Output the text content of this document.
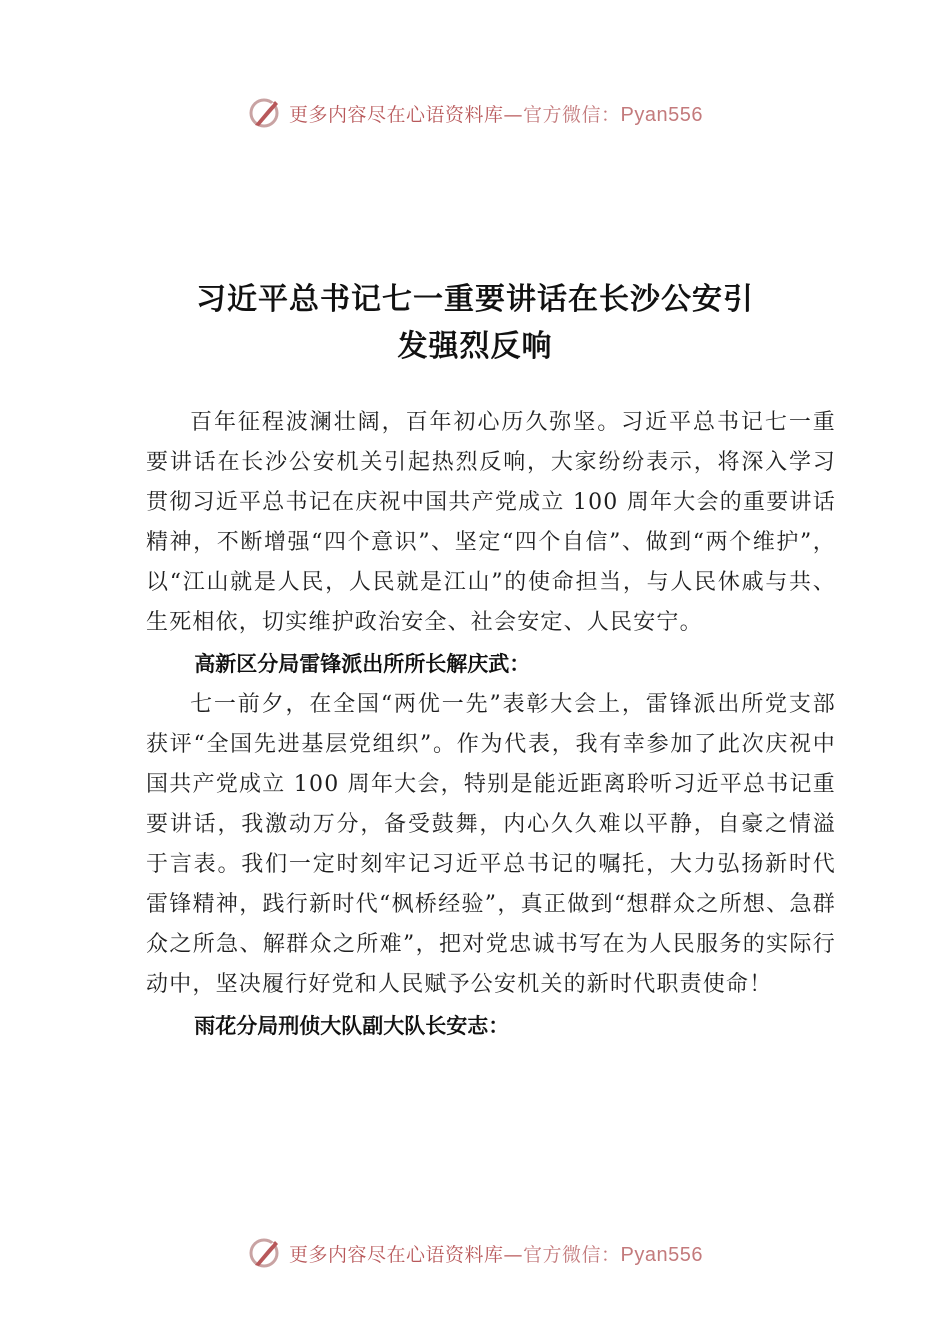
更多内容尽在心语资料库—官方微信：Pyan556
习近平总书记七一重要讲话在长沙公安引
发强烈反响

百年征程波澜壮阔，百年初心历久弥坚。习近平总书记七一重要讲话在长沙公安机关引起热烈反响，大家纷纷表示，将深入学习贯彻习近平总书记在庆祝中国共产党成立 100 周年大会的重要讲话精神，不断增强“四个意识”、坚定“四个自信”、做到“两个维护”，以“江山就是人民，人民就是江山”的使命担当，与人民休戚与共、生死相依，切实维护政治安全、社会安定、人民安宁。

高新区分局雷锋派出所所长解庆武：

七一前夕，在全国“两优一先”表彰大会上，雷锋派出所党支部获评“全国先进基层党组织”。作为代表，我有幸参加了此次庆祝中国共产党成立 100 周年大会，特别是能近距离聆听习近平总书记重要讲话，我激动万分，备受鼓舞，内心久久难以平静，自豪之情溢于言表。我们一定时刻牢记习近平总书记的嘱托，大力弘扬新时代雷锋精神，践行新时代“枫桥经验”，真正做到“想群众之所想、急群众之所急、解群众之所难”，把对党忠诚书写在为人民服务的实际行动中，坚决履行好党和人民赋予公安机关的新时代职责使命！

雨花分局刑侦大队副大队长安志：

更多内容尽在心语资料库—官方微信：Pyan556
